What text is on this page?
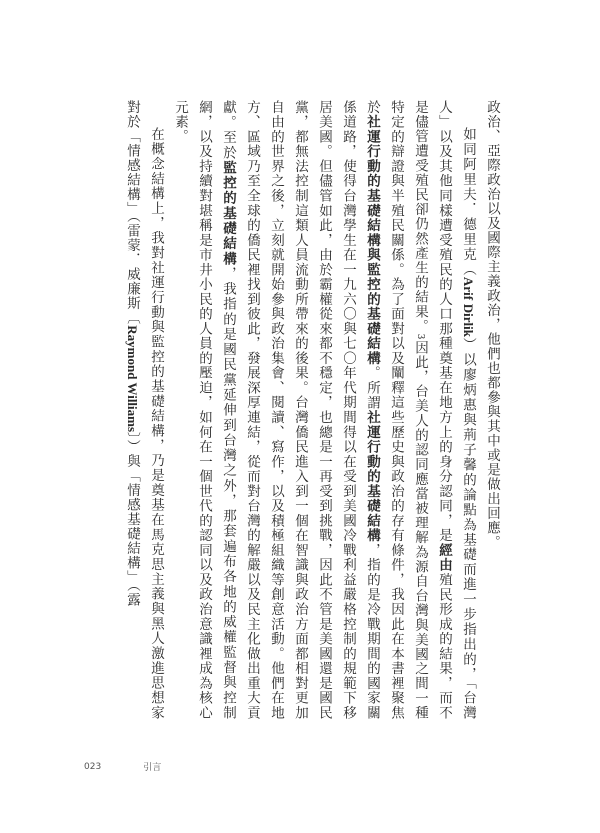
政治、亞際政治以及國際主義政治，他們也都參與其中或是做出回應。

如同阿里夫．德里克（Arif Dirlik）以廖炳惠與荊子馨的論點為基礎而進一步指出的，「台灣人」以及其他同樣遭受殖民的人口那種奠基在地方上的身分認同，是經由殖民形成的結果，而不是儘管遭受殖民卻仍然產生的結果。3因此，台美人的認同應當被理解為源自台灣與美國之間一種特定的辯證與半殖民關係。為了面對以及闡釋這些歷史與政治的存有條件，我因此在本書裡聚焦於社運行動的基礎結構與監控的基礎結構。所謂社運行動的基礎結構，指的是冷戰期間的國家關係道路，使得台灣學生在一九六〇與七〇年代期間得以在受到美國冷戰利益嚴格控制的規範下移居美國。但儘管如此，由於霸權從來都不穩定，也總是一再受到挑戰，因此不管是美國還是國民黨，都無法控制這類人員流動所帶來的後果。台灣僑民進入到一個在智識與政治方面都相對更加自由的世界之後，立刻就開始參與政治集會、閱讀、寫作，以及積極組織等創意活動。他們在地方、區域乃至全球的僑民裡找到彼此，發展深厚連結，從而對台灣的解嚴以及民主化做出重大貢獻。至於監控的基礎結構，我指的是國民黨延伸到台灣之外，那套遍布各地的威權監督與控制網，以及持續對堪稱是市井小民的人員的壓迫，如何在一個世代的認同以及政治意識裡成為核心元素。

在概念結構上，我對社運行動與監控的基礎結構，乃是奠基在馬克思主義與黑人激進思想家對於「情感結構」（雷蒙．威廉斯〔Raymond Williams〕）與「情感基礎結構」（露

023	引言
